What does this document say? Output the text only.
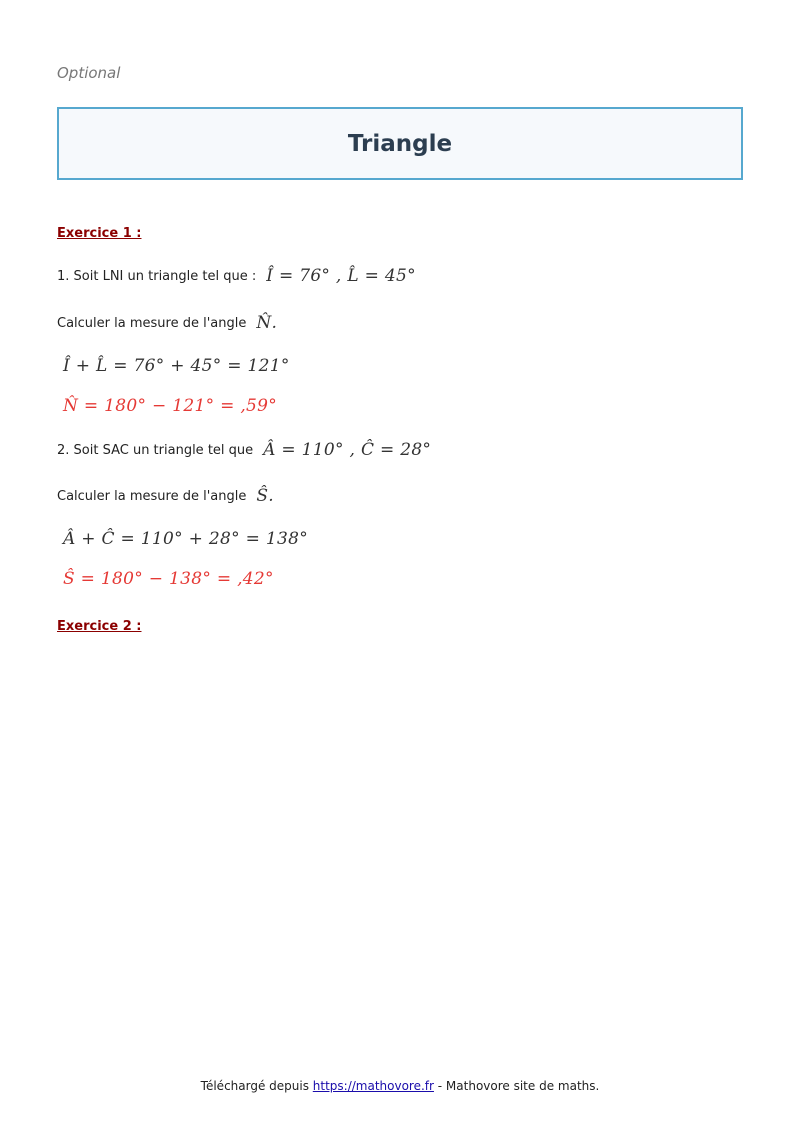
Optional
Triangle
Exercice 1 :
1. Soit LNI un triangle tel que : Î = 76° , L̂ = 45°
Calculer la mesure de l'angle N̂.
Î + L̂ = 76° + 45° = 121°
N̂ = 180° − 121° = ,59°
2. Soit SAC un triangle tel que Â = 110° , Ĉ = 28°
Calculer la mesure de l'angle Ŝ.
Â + Ĉ = 110° + 28° = 138°
Ŝ = 180° − 138° = ,42°
Exercice 2 :
Téléchargé depuis https://mathovore.fr - Mathovore site de maths.
